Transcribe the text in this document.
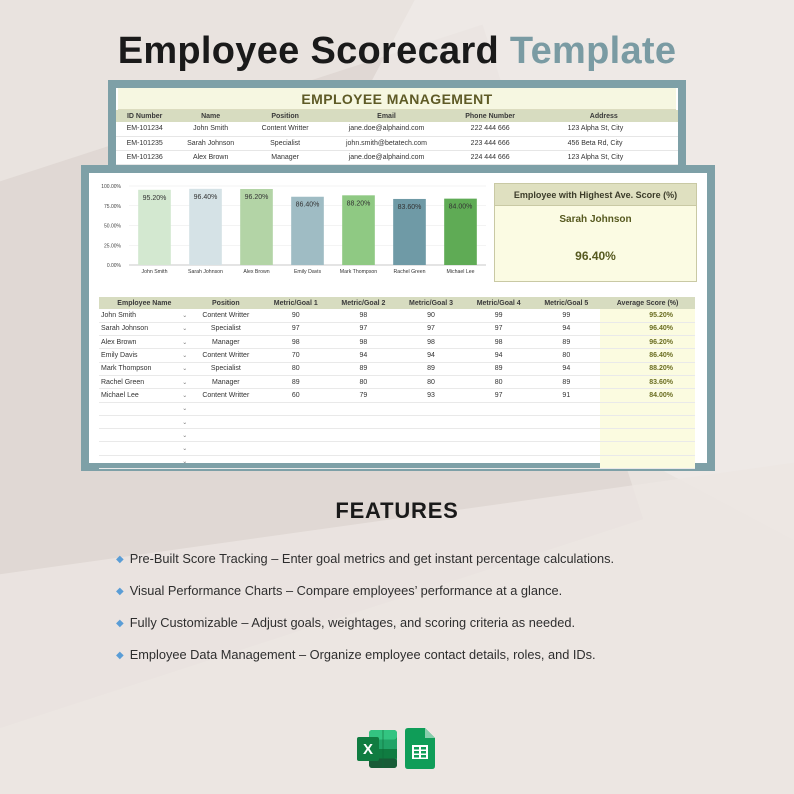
Employee Scorecard Template
EMPLOYEE MANAGEMENT
ID Number	Name	Position	Email	Phone Number	Address
EM-101234	John Smith	Content Writter	jane.doe@alphaind.com	222 444 666	123 Alpha St, City
EM-101235	Sarah Johnson	Specialist	john.smith@betatech.com	223 444 666	456 Beta Rd, City
EM-101236	Alex Brown	Manager	jane.doe@alphaind.com	224 444 666	123 Alpha St, City
100.00%
75.00%
50.00%
25.00%
0.00%
95.20%
John Smith
96.40%
Sarah Johnson
96.20%
Alex Brown
86.40%
Emily Davis
88.20%
Mark Thompson
83.60%
Rachel Green
84.00%
Michael Lee
Employee with Highest Ave. Score (%)
Sarah Johnson
96.40%
Employee Name		Position	Metric/Goal 1	Metric/Goal 2	Metric/Goal 3	Metric/Goal 4	Metric/Goal 5	Average Score (%)
John Smith	⌄	Content Writter	90	98	90	99	99	95.20%
Sarah Johnson	⌄	Specialist	97	97	97	97	94	96.40%
Alex Brown	⌄	Manager	98	98	98	98	89	96.20%
Emily Davis	⌄	Content Writter	70	94	94	94	80	86.40%
Mark Thompson	⌄	Specialist	80	89	89	89	94	88.20%
Rachel Green	⌄	Manager	89	80	80	80	89	83.60%
Michael Lee	⌄	Content Writter	60	79	93	97	91	84.00%
	⌄							
	⌄							
	⌄							
	⌄							
	⌄							
FEATURES
◆ Pre-Built Score Tracking – Enter goal metrics and get instant percentage calculations.
◆ Visual Performance Charts – Compare employees’ performance at a glance.
◆ Fully Customizable – Adjust goals, weightages, and scoring criteria as needed.
◆ Employee Data Management – Organize employee contact details, roles, and IDs.
X
